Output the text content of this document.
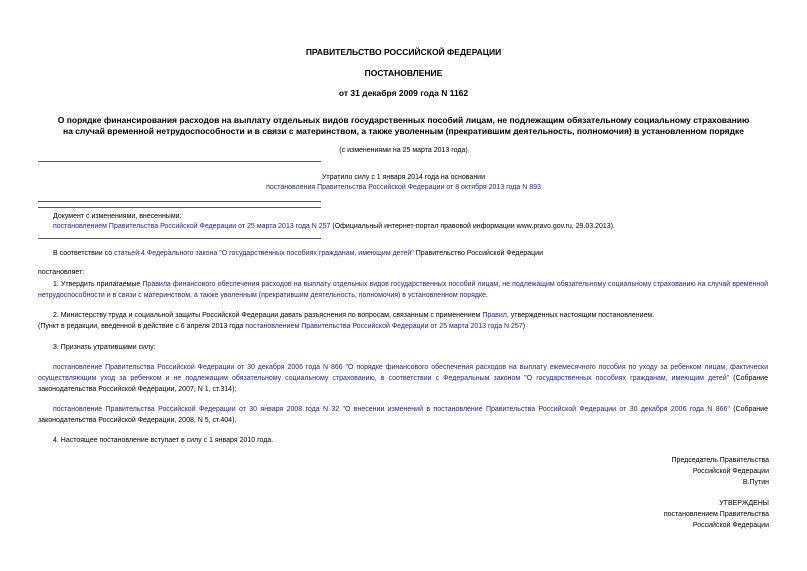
ПРАВИТЕЛЬСТВО РОССИЙСКОЙ ФЕДЕРАЦИИ
ПОСТАНОВЛЕНИЕ
от 31 декабря 2009 года N 1162
О порядке финансирования расходов на выплату отдельных видов государственных пособий лицам, не подлежащим обязательному социальному страхованию
на случай временной нетрудоспособности и в связи с материнством, а также уволенным (прекратившим деятельность, полномочия) в установленном порядке
(с изменениями на 25 марта 2013 года)
Утратило силу с 1 января 2014 года на основании
постановления Правительства Российской Федерации от 8 октября 2013 года N 893
Документ с изменениями, внесенными:
постановлением Правительства Российской Федерации от 25 марта 2013 года N 257 (Официальный интернет-портал правовой информации www.pravo.gov.ru, 29.03.2013).
В соответствии со статьей 4 Федерального закона "О государственных пособиях гражданам, имеющим детей" Правительство Российской Федерации
постановляет:
1. Утвердить прилагаемые Правила финансового обеспечения расходов на выплату отдельных видов государственных пособий лицам, не подлежащим обязательному социальному страхованию на случай временной нетрудоспособности и в связи с материнством, а также уволенным (прекратившим деятельность, полномочия) в установленном порядке.
2. Министерству труда и социальной защиты Российской Федерации давать разъяснения по вопросам, связанным с применением Правил, утвержденных настоящим постановлением.
(Пункт в редакции, введенной в действие с 6 апреля 2013 года постановлением Правительства Российской Федерации от 25 марта 2013 года N 257)
3. Признать утратившими силу:
постановление Правительства Российской Федерации от 30 декабря 2006 года N 866 "О порядке финансового обеспечения расходов на выплату ежемесячного пособия по уходу за ребенком лицам, фактически осуществляющим уход за ребенком и не подлежащим обязательному социальному страхованию, в соответствии с Федеральным законом "О государственных пособиях гражданам, имеющим детей" (Собрание законодательства Российской Федерации, 2007, N 1, ст.314);
постановление Правительства Российской Федерации от 30 января 2008 года N 32 "О внесении изменений в постановление Правительства Российской Федерации от 30 декабря 2006 года N 866" (Собрание законодательства Российской Федерации, 2008, N 5, ст.404).
4. Настоящее постановление вступает в силу с 1 января 2010 года.
Председатель Правительства
Российской Федерации
В.Путин
УТВЕРЖДЕНЫ
постановлением Правительства
Российской Федерации
